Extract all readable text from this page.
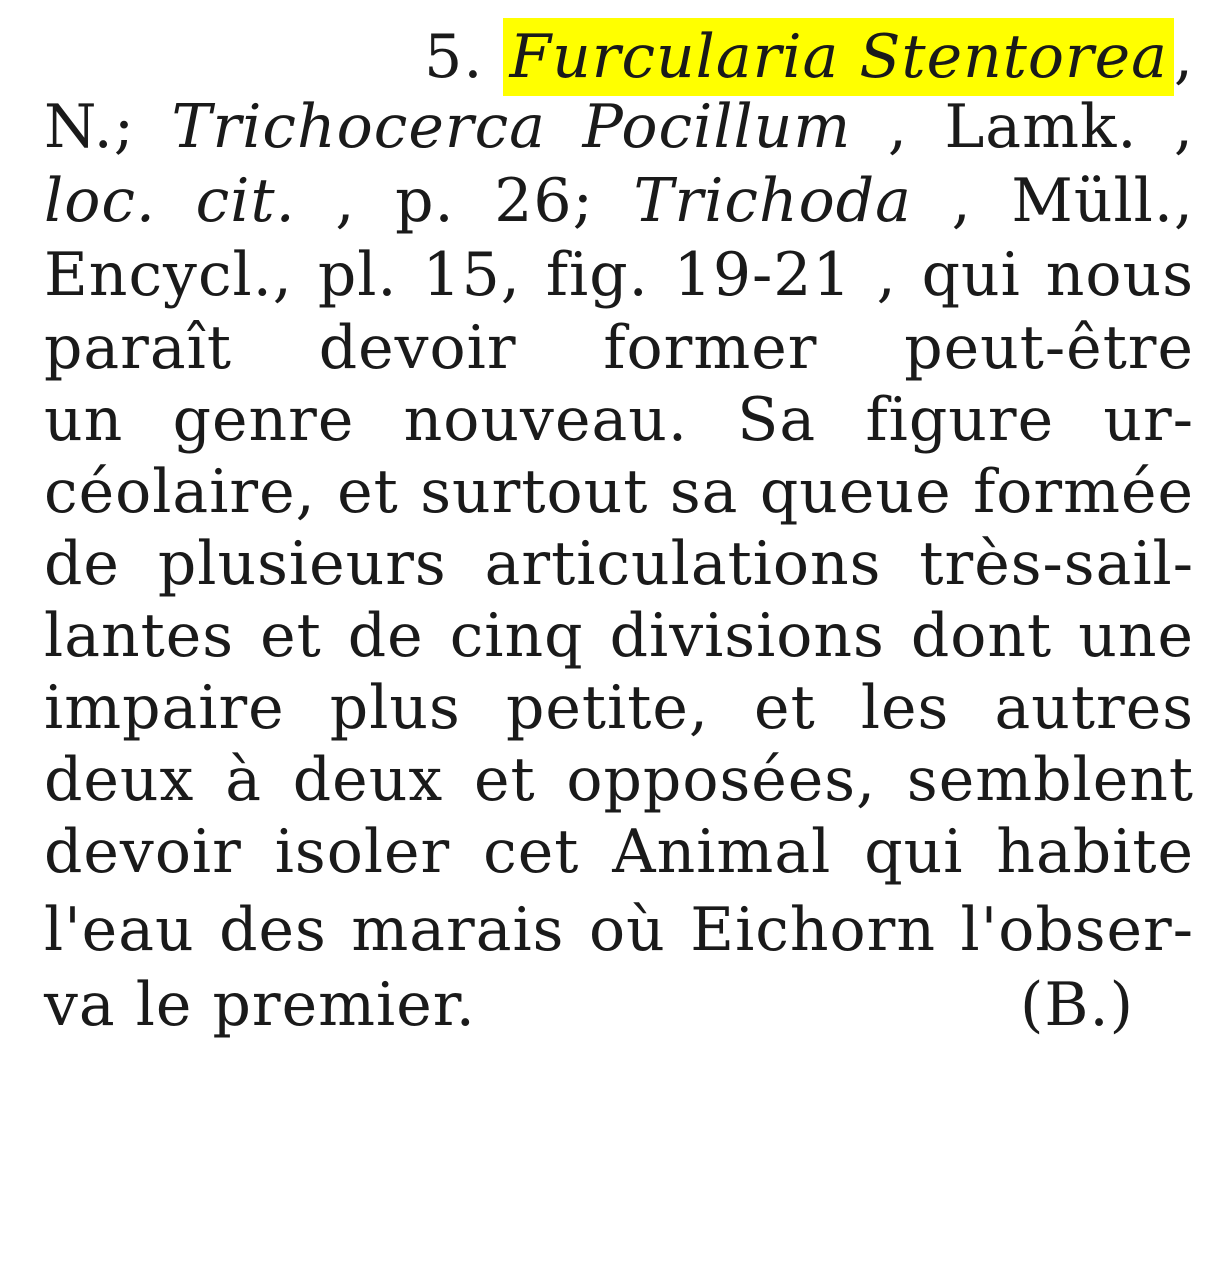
5. Furcularia Stentorea ,
N.; Trichocerca Pocillum , Lamk. ,
loc. cit. , p. 26; Trichoda , Müll.,
Encycl., pl. 15, fig. 19-21 , qui nous
paraît devoir former peut-être
un genre nouveau. Sa figure ur-
céolaire, et surtout sa queue formée
de plusieurs articulations très-sail-
lantes et de cinq divisions dont une
impaire plus petite, et les autres
deux à deux et opposées, semblent
devoir isoler cet Animal qui habite
l'eau des marais où Eichorn l'obser-
va le premier.	(B.)
